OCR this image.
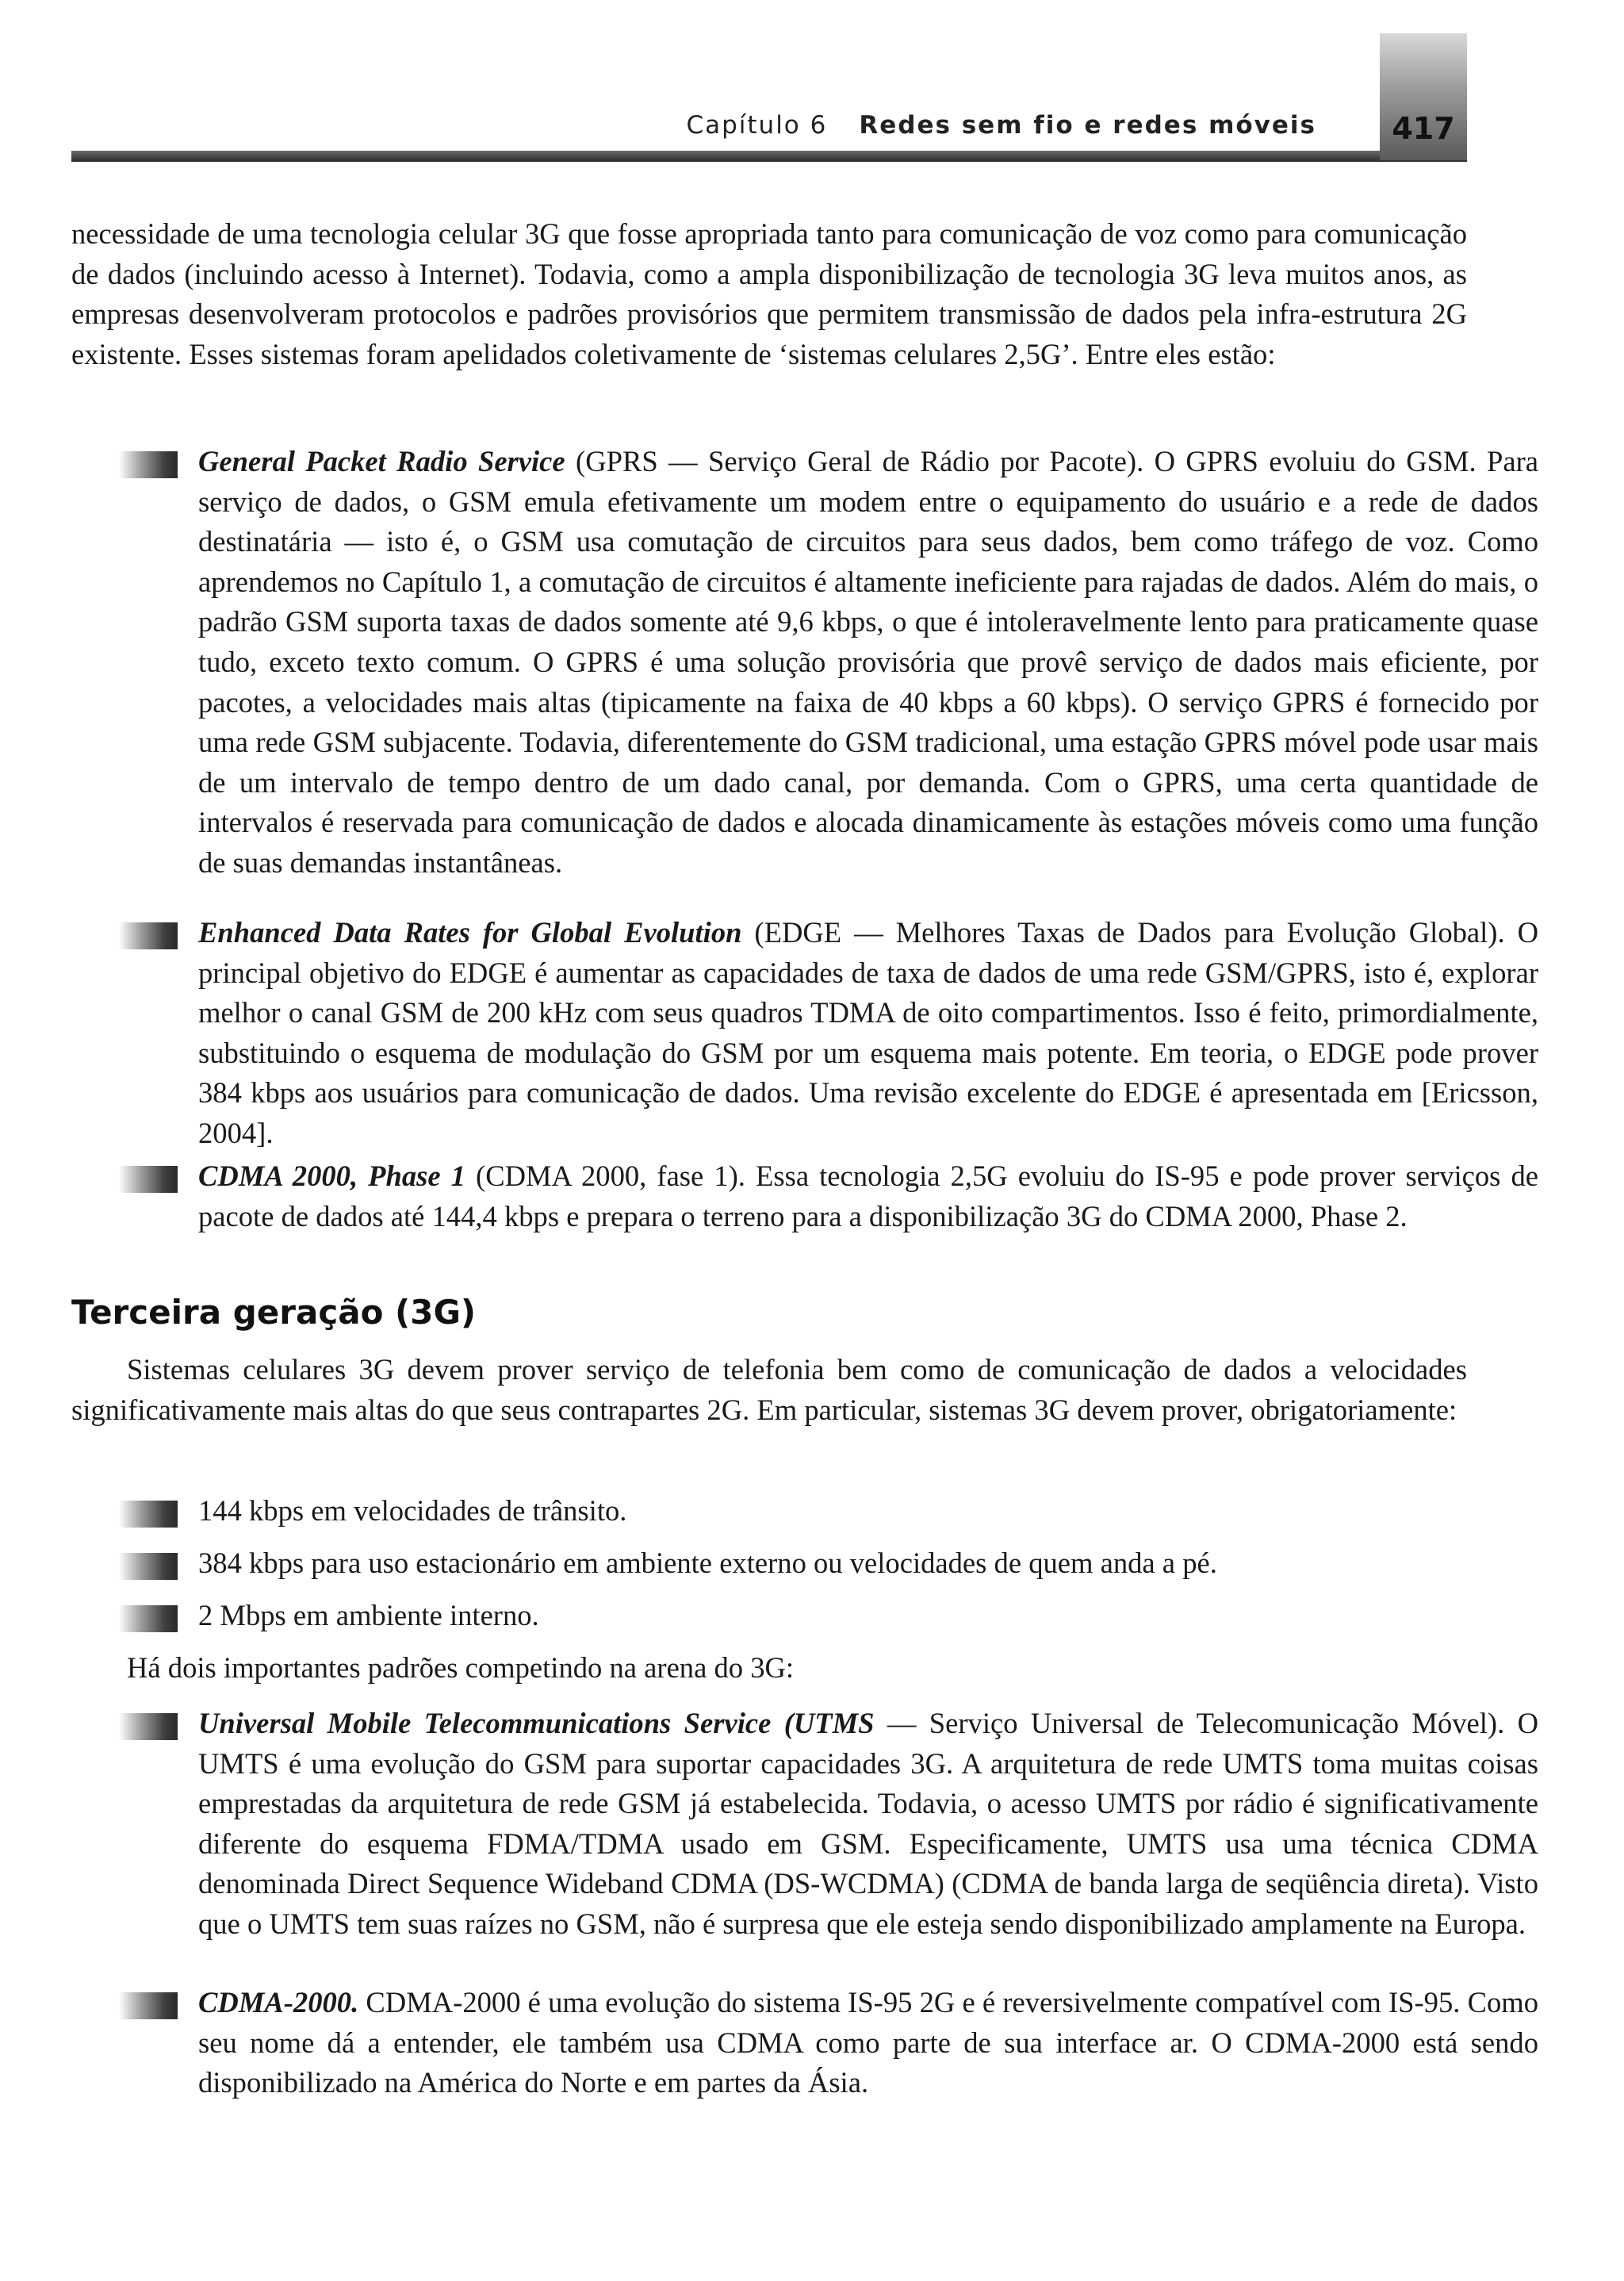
Capítulo 6 Redes sem fio e redes móveis	417

necessidade de uma tecnologia celular 3G que fosse apropriada tanto para comunicação de voz como para comunicação de dados (incluindo acesso à Internet). Todavia, como a ampla disponibilização de tecnologia 3G leva muitos anos, as empresas desenvolveram protocolos e padrões provisórios que permitem transmissão de dados pela infra-estrutura 2G existente. Esses sistemas foram apelidados coletivamente de ‘sistemas celulares 2,5G’. Entre eles estão:

General Packet Radio Service (GPRS — Serviço Geral de Rádio por Pacote). O GPRS evoluiu do GSM. Para serviço de dados, o GSM emula efetivamente um modem entre o equipamento do usuário e a rede de dados destinatária — isto é, o GSM usa comutação de circuitos para seus dados, bem como tráfego de voz. Como aprendemos no Capítulo 1, a comutação de circuitos é altamente ineficiente para rajadas de dados. Além do mais, o padrão GSM suporta taxas de dados somente até 9,6 kbps, o que é intoleravelmente lento para praticamente quase tudo, exceto texto comum. O GPRS é uma solução provisória que provê serviço de dados mais eficiente, por pacotes, a velocidades mais altas (tipicamente na faixa de 40 kbps a 60 kbps). O serviço GPRS é fornecido por uma rede GSM subjacente. Todavia, diferentemente do GSM tradicional, uma estação GPRS móvel pode usar mais de um intervalo de tempo dentro de um dado canal, por demanda. Com o GPRS, uma certa quantidade de intervalos é reservada para comunicação de dados e alocada dinamicamente às estações móveis como uma função de suas demandas instantâneas.

Enhanced Data Rates for Global Evolution (EDGE — Melhores Taxas de Dados para Evolução Global). O principal objetivo do EDGE é aumentar as capacidades de taxa de dados de uma rede GSM/GPRS, isto é, explorar melhor o canal GSM de 200 kHz com seus quadros TDMA de oito compartimentos. Isso é feito, primordialmente, substituindo o esquema de modulação do GSM por um esquema mais potente. Em teoria, o EDGE pode prover 384 kbps aos usuários para comunicação de dados. Uma revisão excelente do EDGE é apresentada em [Ericsson, 2004].

CDMA 2000, Phase 1 (CDMA 2000, fase 1). Essa tecnologia 2,5G evoluiu do IS-95 e pode prover serviços de pacote de dados até 144,4 kbps e prepara o terreno para a disponibilização 3G do CDMA 2000, Phase 2.

Terceira geração (3G)

Sistemas celulares 3G devem prover serviço de telefonia bem como de comunicação de dados a velocidades significativamente mais altas do que seus contrapartes 2G. Em particular, sistemas 3G devem prover, obrigatoriamente:

144 kbps em velocidades de trânsito.

384 kbps para uso estacionário em ambiente externo ou velocidades de quem anda a pé.

2 Mbps em ambiente interno.

Há dois importantes padrões competindo na arena do 3G:

Universal Mobile Telecommunications Service (UTMS — Serviço Universal de Telecomunicação Móvel). O UMTS é uma evolução do GSM para suportar capacidades 3G. A arquitetura de rede UMTS toma muitas coisas emprestadas da arquitetura de rede GSM já estabelecida. Todavia, o acesso UMTS por rádio é significativamente diferente do esquema FDMA/TDMA usado em GSM. Especificamente, UMTS usa uma técnica CDMA denominada Direct Sequence Wideband CDMA (DS-WCDMA) (CDMA de banda larga de seqüência direta). Visto que o UMTS tem suas raízes no GSM, não é surpresa que ele esteja sendo disponibilizado amplamente na Europa.

CDMA-2000. CDMA-2000 é uma evolução do sistema IS-95 2G e é reversivelmente compatível com IS-95. Como seu nome dá a entender, ele também usa CDMA como parte de sua interface ar. O CDMA-2000 está sendo disponibilizado na América do Norte e em partes da Ásia.
